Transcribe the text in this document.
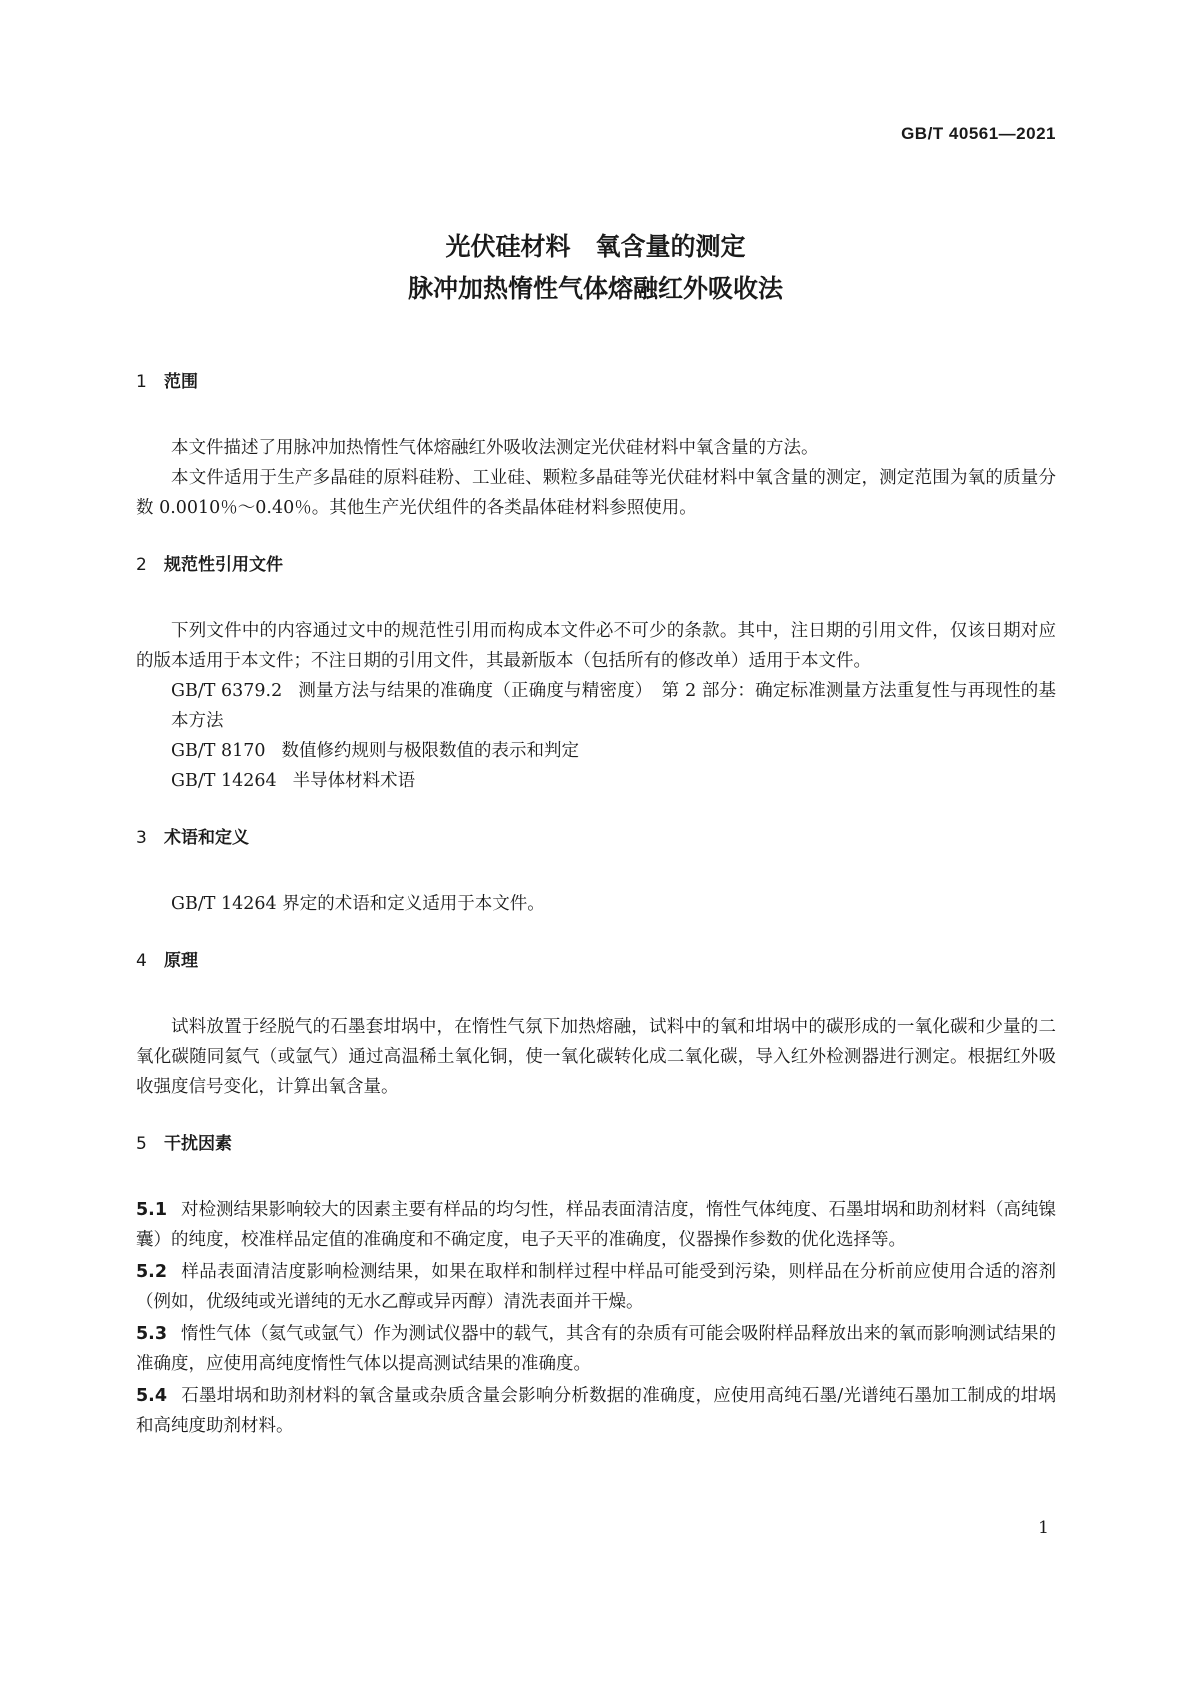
GB/T 40561—2021
光伏硅材料　氧含量的测定
脉冲加热惰性气体熔融红外吸收法
1 范围

本文件描述了用脉冲加热惰性气体熔融红外吸收法测定光伏硅材料中氧含量的方法。

本文件适用于生产多晶硅的原料硅粉、工业硅、颗粒多晶硅等光伏硅材料中氧含量的测定，测定范围为氧的质量分数 0.0010％～0.40％。其他生产光伏组件的各类晶体硅材料参照使用。

2 规范性引用文件

下列文件中的内容通过文中的规范性引用而构成本文件必不可少的条款。其中，注日期的引用文件，仅该日期对应的版本适用于本文件；不注日期的引用文件，其最新版本（包括所有的修改单）适用于本文件。

GB/T 6379.2 测量方法与结果的准确度（正确度与精密度）　第 2 部分：确定标准测量方法重复性与再现性的基本方法

GB/T 8170 数值修约规则与极限数值的表示和判定

GB/T 14264 半导体材料术语

3 术语和定义

GB/T 14264 界定的术语和定义适用于本文件。

4 原理

试料放置于经脱气的石墨套坩埚中，在惰性气氛下加热熔融，试料中的氧和坩埚中的碳形成的一氧化碳和少量的二氧化碳随同氦气（或氩气）通过高温稀土氧化铜，使一氧化碳转化成二氧化碳，导入红外检测器进行测定。根据红外吸收强度信号变化，计算出氧含量。

5 干扰因素

5.1 对检测结果影响较大的因素主要有样品的均匀性，样品表面清洁度，惰性气体纯度、石墨坩埚和助剂材料（高纯镍囊）的纯度，校准样品定值的准确度和不确定度，电子天平的准确度，仪器操作参数的优化选择等。

5.2 样品表面清洁度影响检测结果，如果在取样和制样过程中样品可能受到污染，则样品在分析前应使用合适的溶剂（例如，优级纯或光谱纯的无水乙醇或异丙醇）清洗表面并干燥。

5.3 惰性气体（氦气或氩气）作为测试仪器中的载气，其含有的杂质有可能会吸附样品释放出来的氧而影响测试结果的准确度，应使用高纯度惰性气体以提高测试结果的准确度。

5.4 石墨坩埚和助剂材料的氧含量或杂质含量会影响分析数据的准确度，应使用高纯石墨/光谱纯石墨加工制成的坩埚和高纯度助剂材料。

1
